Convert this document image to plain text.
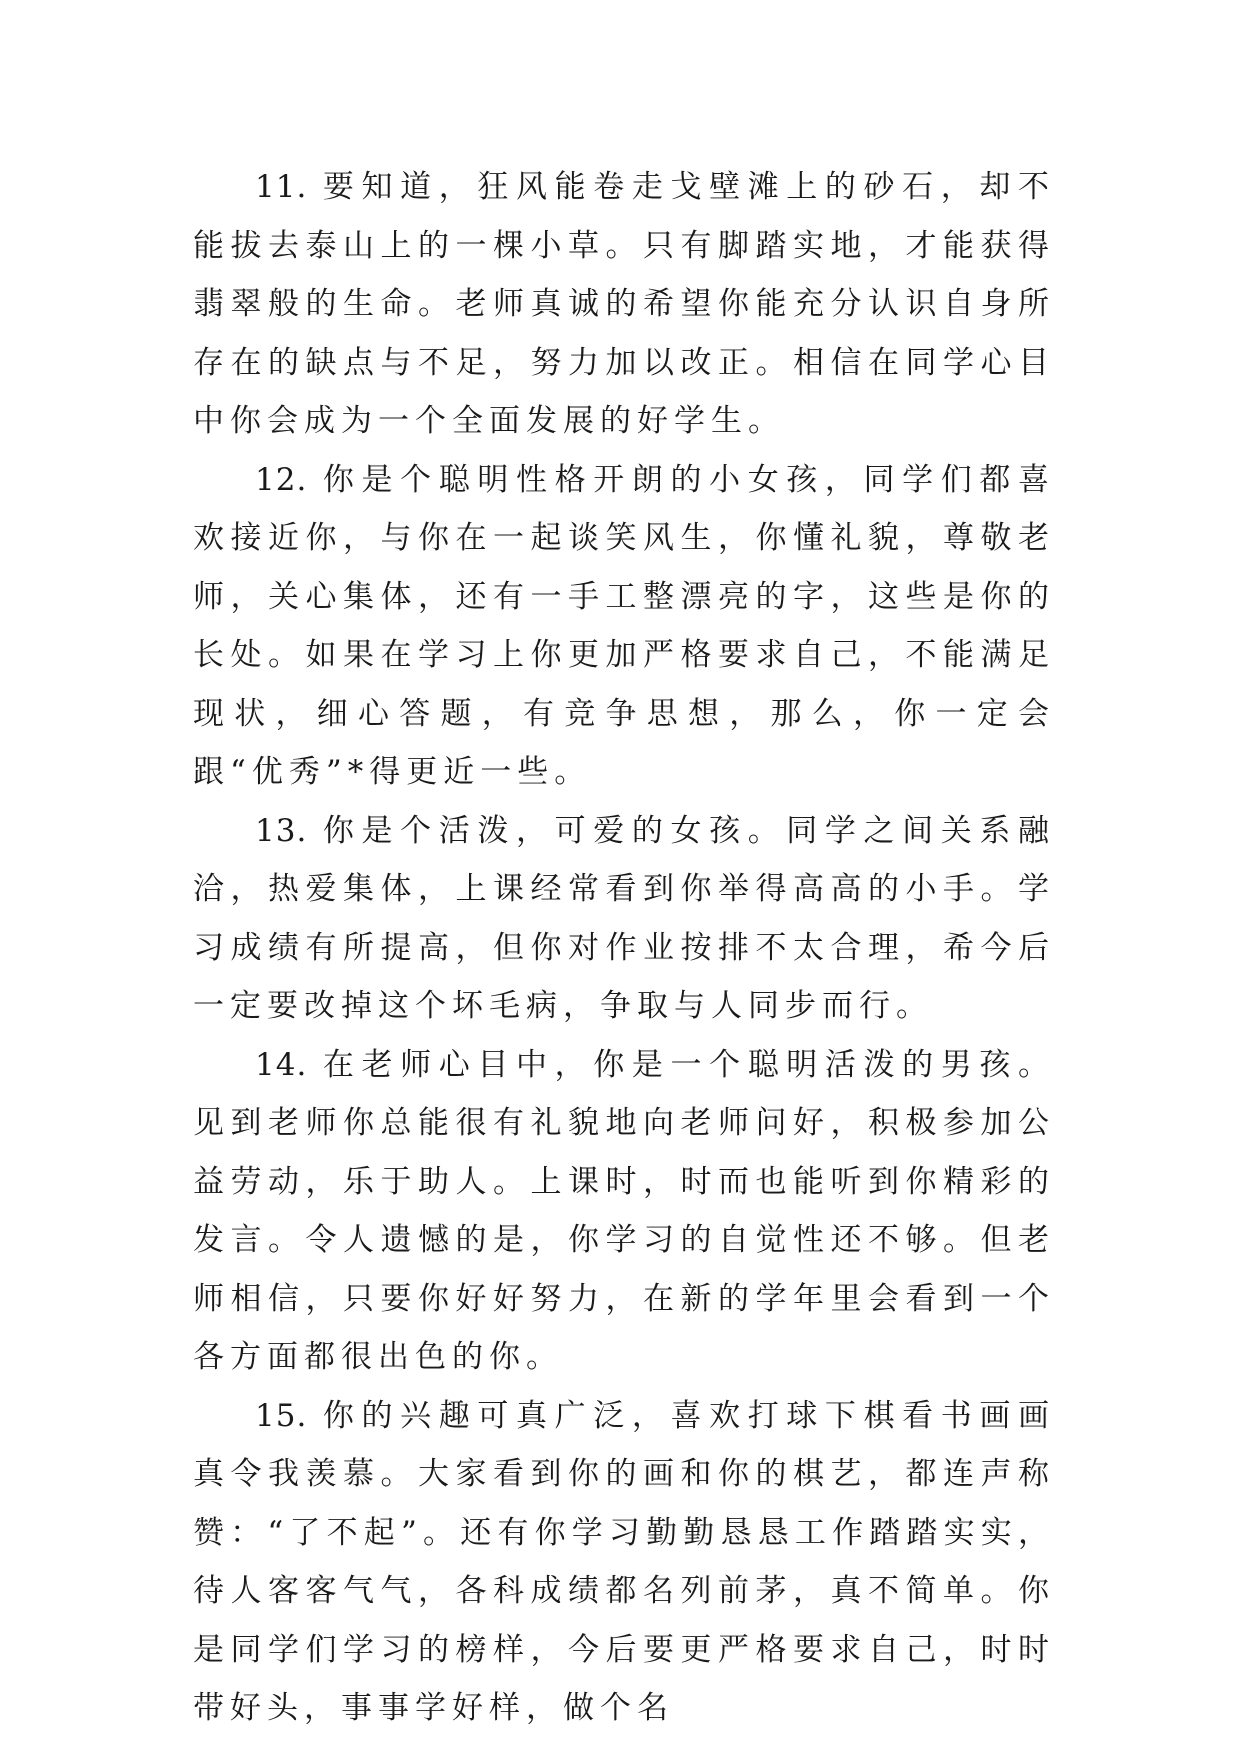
11. 要知道，狂风能卷走戈壁滩上的砂石，却不能拔去泰山上的一棵小草。只有脚踏实地，才能获得翡翠般的生命。老师真诚的希望你能充分认识自身所存在的缺点与不足，努力加以改正。相信在同学心目中你会成为一个全面发展的好学生。

12. 你是个聪明性格开朗的小女孩，同学们都喜欢接近你，与你在一起谈笑风生，你懂礼貌，尊敬老师，关心集体，还有一手工整漂亮的字，这些是你的长处。如果在学习上你更加严格要求自己，不能满足现状，细心答题，有竞争思想，那么，你一定会跟“优秀”*得更近一些。

13. 你是个活泼，可爱的女孩。同学之间关系融洽，热爱集体，上课经常看到你举得高高的小手。学习成绩有所提高，但你对作业按排不太合理，希今后一定要改掉这个坏毛病，争取与人同步而行。

14. 在老师心目中，你是一个聪明活泼的男孩。见到老师你总能很有礼貌地向老师问好，积极参加公益劳动，乐于助人。上课时，时而也能听到你精彩的发言。令人遗憾的是，你学习的自觉性还不够。但老师相信，只要你好好努力，在新的学年里会看到一个各方面都很出色的你。

15. 你的兴趣可真广泛，喜欢打球下棋看书画画真令我羡慕。大家看到你的画和你的棋艺，都连声称赞：“了不起”。还有你学习勤勤恳恳工作踏踏实实，待人客客气气，各科成绩都名列前茅，真不简单。你是同学们学习的榜样，今后要更严格要求自己，时时带好头，事事学好样，做个名
